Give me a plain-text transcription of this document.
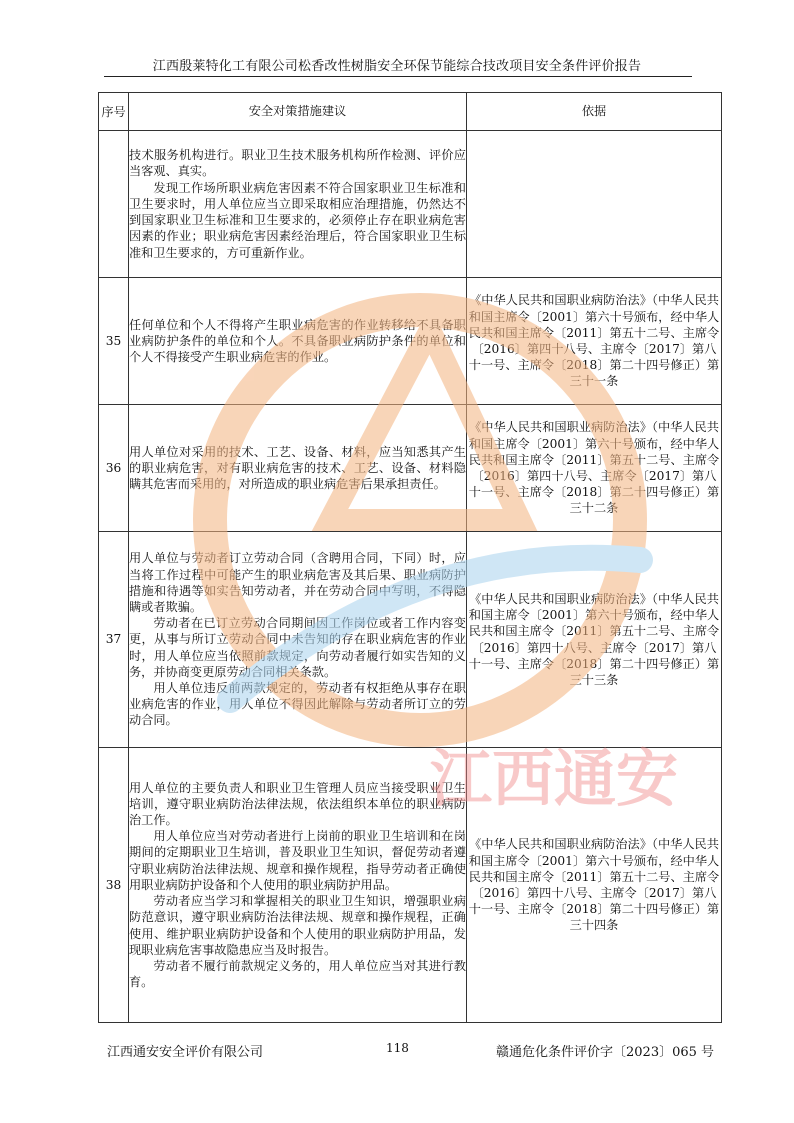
江西殷莱特化工有限公司松香改性树脂安全环保节能综合技改项目安全条件评价报告
序号	安全对策措施建议	依据

	技术服务机构进行。职业卫生技术服务机构所作检测、评价应当客观、真实。

发现工作场所职业病危害因素不符合国家职业卫生标准和卫生要求时，用人单位应当立即采取相应治理措施，仍然达不到国家职业卫生标准和卫生要求的，必须停止存在职业病危害因素的作业；职业病危害因素经治理后，符合国家职业卫生标准和卫生要求的，方可重新作业。	

35	任何单位和个人不得将产生职业病危害的作业转移给不具备职业病防护条件的单位和个人。不具备职业病防护条件的单位和个人不得接受产生职业病危害的作业。	《中华人民共和国职业病防治法》（中华人民共和国主席令〔2001〕第六十号颁布，经中华人民共和国主席令〔2011〕第五十二号、主席令〔2016〕第四十八号、主席令〔2017〕第八十一号、主席令〔2018〕第二十四号修正）第三十一条
36	用人单位对采用的技术、工艺、设备、材料，应当知悉其产生的职业病危害，对有职业病危害的技术、工艺、设备、材料隐瞒其危害而采用的，对所造成的职业病危害后果承担责任。	《中华人民共和国职业病防治法》（中华人民共和国主席令〔2001〕第六十号颁布，经中华人民共和国主席令〔2011〕第五十二号、主席令〔2016〕第四十八号、主席令〔2017〕第八十一号、主席令〔2018〕第二十四号修正）第三十二条
37	用人单位与劳动者订立劳动合同（含聘用合同，下同）时，应当将工作过程中可能产生的职业病危害及其后果、职业病防护措施和待遇等如实告知劳动者，并在劳动合同中写明，不得隐瞒或者欺骗。

劳动者在已订立劳动合同期间因工作岗位或者工作内容变更，从事与所订立劳动合同中未告知的存在职业病危害的作业时，用人单位应当依照前款规定，向劳动者履行如实告知的义务，并协商变更原劳动合同相关条款。

用人单位违反前两款规定的，劳动者有权拒绝从事存在职业病危害的作业，用人单位不得因此解除与劳动者所订立的劳动合同。	《中华人民共和国职业病防治法》（中华人民共和国主席令〔2001〕第六十号颁布，经中华人民共和国主席令〔2011〕第五十二号、主席令〔2016〕第四十八号、主席令〔2017〕第八十一号、主席令〔2018〕第二十四号修正）第三十三条
38	用人单位的主要负责人和职业卫生管理人员应当接受职业卫生培训，遵守职业病防治法律法规，依法组织本单位的职业病防治工作。

用人单位应当对劳动者进行上岗前的职业卫生培训和在岗期间的定期职业卫生培训，普及职业卫生知识，督促劳动者遵守职业病防治法律法规、规章和操作规程，指导劳动者正确使用职业病防护设备和个人使用的职业病防护用品。

劳动者应当学习和掌握相关的职业卫生知识，增强职业病防范意识，遵守职业病防治法律法规、规章和操作规程，正确使用、维护职业病防护设备和个人使用的职业病防护用品，发现职业病危害事故隐患应当及时报告。

劳动者不履行前款规定义务的，用人单位应当对其进行教育。	《中华人民共和国职业病防治法》（中华人民共和国主席令〔2001〕第六十号颁布，经中华人民共和国主席令〔2011〕第五十二号、主席令〔2016〕第四十八号、主席令〔2017〕第八十一号、主席令〔2018〕第二十四号修正）第三十四条
江西通安
江西通安安全评价有限公司	118	赣通危化条件评价字〔2023〕065 号
